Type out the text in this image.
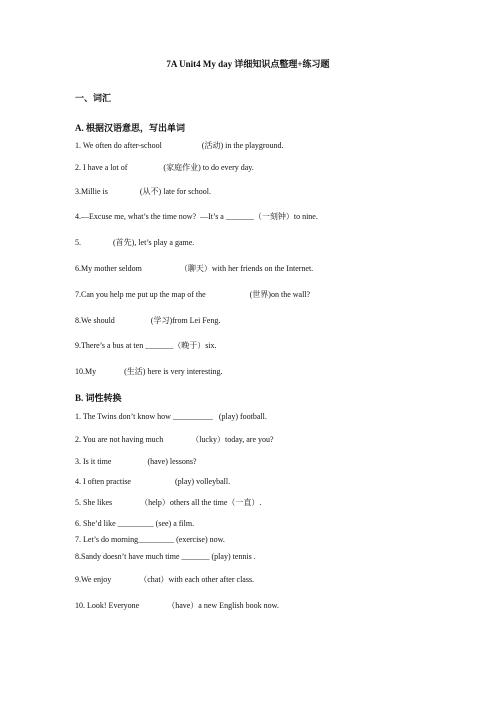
7A Unit4 My day 详细知识点整理+练习题
一、词汇
A. 根据汉语意思，写出单词
1. We often do after-school                    (活动) in the playground.
2. I have a lot of                  (家庭作业) to do every day.
3.Millie is                (从不) late for school.
4.—Excuse me, what’s the time now?  —It’s a _______（一刻钟）to nine.
5.                (首先), let’s play a game.
6.My mother seldom                   （聊天）with her friends on the Internet.
7.Can you help me put up the map of the                      (世界)on the wall?
8.We should                  (学习)from Lei Feng.
9.There’s a bus at ten _______（晚于）six.
10.My              (生活) here is very interesting.
B. 词性转换
1. The Twins don’t know how __________   (play) football.
2. You are not having much              （lucky）today, are you?
3. Is it time                  (have) lessons?
4. I often practise                      (play) volleyball.
5. She likes              （help）others all the time（一直）.
6. She’d like _________ (see) a film.
7. Let’s do morning_________ (exercise) now.
8.Sandy doesn’t have much time _______ (play) tennis .
9.We enjoy              （chat）with each other after class.
10. Look! Everyone              （have）a new English book now.
